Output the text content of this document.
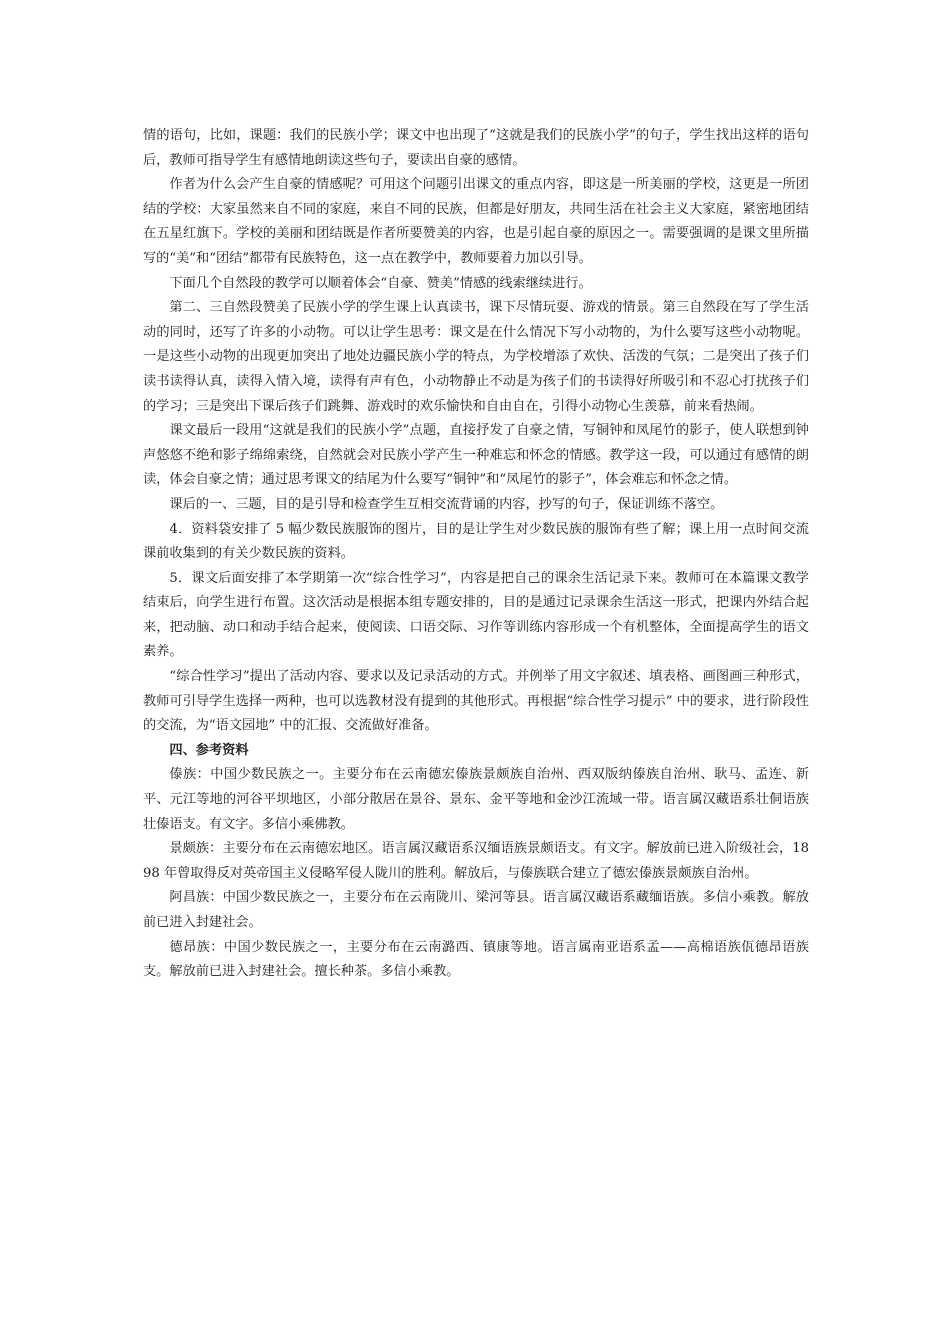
情的语句，比如，课题：我们的民族小学；课文中也出现了“这就是我们的民族小学”的句子，学生找出这样的语句后，教师可指导学生有感情地朗读这些句子，要读出自豪的感情。

作者为什么会产生自豪的情感呢？可用这个问题引出课文的重点内容，即这是一所美丽的学校，这更是一所团结的学校：大家虽然来自不同的家庭，来自不同的民族，但都是好朋友，共同生活在社会主义大家庭，紧密地团结在五星红旗下。学校的美丽和团结既是作者所要赞美的内容，也是引起自豪的原因之一。需要强调的是课文里所描写的“美”和“团结”都带有民族特色，这一点在教学中，教师要着力加以引导。

下面几个自然段的教学可以顺着体会“自豪、赞美”情感的线索继续进行。

第二、三自然段赞美了民族小学的学生课上认真读书，课下尽情玩耍、游戏的情景。第三自然段在写了学生活动的同时，还写了许多的小动物。可以让学生思考：课文是在什么情况下写小动物的，为什么要写这些小动物呢。一是这些小动物的出现更加突出了地处边疆民族小学的特点，为学校增添了欢快、活泼的气氛；二是突出了孩子们读书读得认真，读得入情入境，读得有声有色，小动物静止不动是为孩子们的书读得好所吸引和不忍心打扰孩子们的学习；三是突出下课后孩子们跳舞、游戏时的欢乐愉快和自由自在，引得小动物心生羡慕，前来看热闹。

课文最后一段用“这就是我们的民族小学”点题，直接抒发了自豪之情，写铜钟和凤尾竹的影子，使人联想到钟声悠悠不绝和影子绵绵索绕，自然就会对民族小学产生一种难忘和怀念的情感。教学这一段，可以通过有感情的朗读，体会自豪之情；通过思考课文的结尾为什么要写“铜钟”和“凤尾竹的影子”，体会难忘和怀念之情。

课后的一、三题，目的是引导和检查学生互相交流背诵的内容，抄写的句子，保证训练不落空。

4．资料袋安排了 5 幅少数民族服饰的图片，目的是让学生对少数民族的服饰有些了解；课上用一点时间交流课前收集到的有关少数民族的资料。

5．课文后面安排了本学期第一次“综合性学习”，内容是把自己的课余生活记录下来。教师可在本篇课文教学结束后，向学生进行布置。这次活动是根据本组专题安排的，目的是通过记录课余生活这一形式，把课内外结合起来，把动脑、动口和动手结合起来，使阅读、口语交际、习作等训练内容形成一个有机整体，全面提高学生的语文素养。

“综合性学习”提出了活动内容、要求以及记录活动的方式。并例举了用文字叙述、填表格、画图画三种形式，教师可引导学生选择一两种，也可以选教材没有提到的其他形式。再根据“综合性学习提示” 中的要求，进行阶段性的交流，为“语文园地” 中的汇报、交流做好准备。

四、参考资料

傣族：中国少数民族之一。主要分布在云南德宏傣族景颇族自治州、西双版纳傣族自治州、耿马、孟连、新平、元江等地的河谷平坝地区，小部分散居在景谷、景东、金平等地和金沙江流域一带。语言属汉藏语系壮侗语族壮傣语支。有文字。多信小乘佛教。

景颇族：主要分布在云南德宏地区。语言属汉藏语系汉缅语族景颇语支。有文字。解放前已进入阶级社会，1898 年曾取得反对英帝国主义侵略军侵人陇川的胜利。解放后，与傣族联合建立了德宏傣族景颇族自治州。

阿昌族：中国少数民族之一，主要分布在云南陇川、梁河等县。语言属汉藏语系藏缅语族。多信小乘教。解放前已进入封建社会。

德昂族：中国少数民族之一，主要分布在云南潞西、镇康等地。语言属南亚语系孟——高棉语族佤德昂语族支。解放前已进入封建社会。擅长种茶。多信小乘教。
